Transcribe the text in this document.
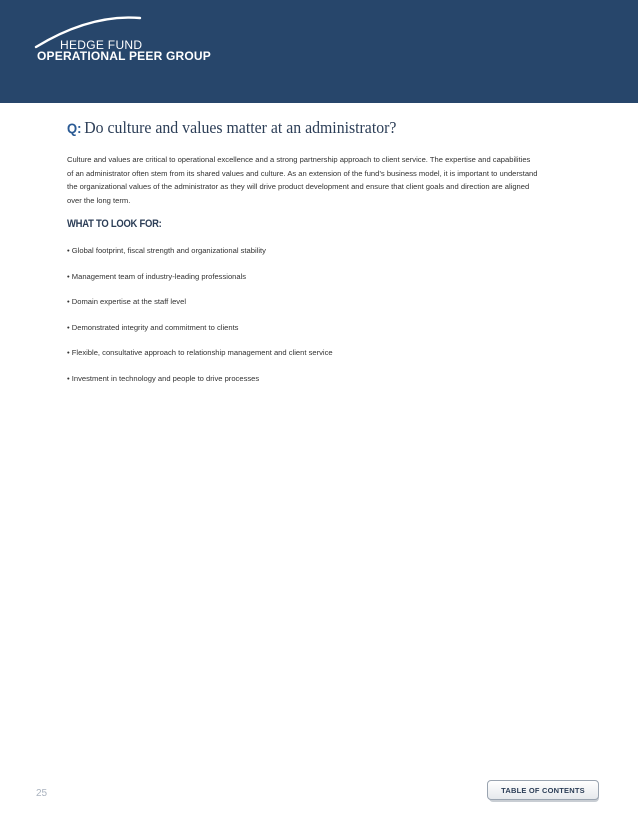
HEDGE FUND
OPERATIONAL PEER GROUP
Q: Do culture and values matter at an administrator?
Culture and values are critical to operational excellence and a strong partnership approach to client service. The expertise and capabilities
of an administrator often stem from its shared values and culture. As an extension of the fund’s business model, it is important to understand
the organizational values of the administrator as they will drive product development and ensure that client goals and direction are aligned
over the long term.
WHAT TO LOOK FOR:
• Global footprint, fiscal strength and organizational stability
• Management team of industry-leading professionals
• Domain expertise at the staff level
• Demonstrated integrity and commitment to clients
• Flexible, consultative approach to relationship management and client service
• Investment in technology and people to drive processes
25	TABLE OF CONTENTS
